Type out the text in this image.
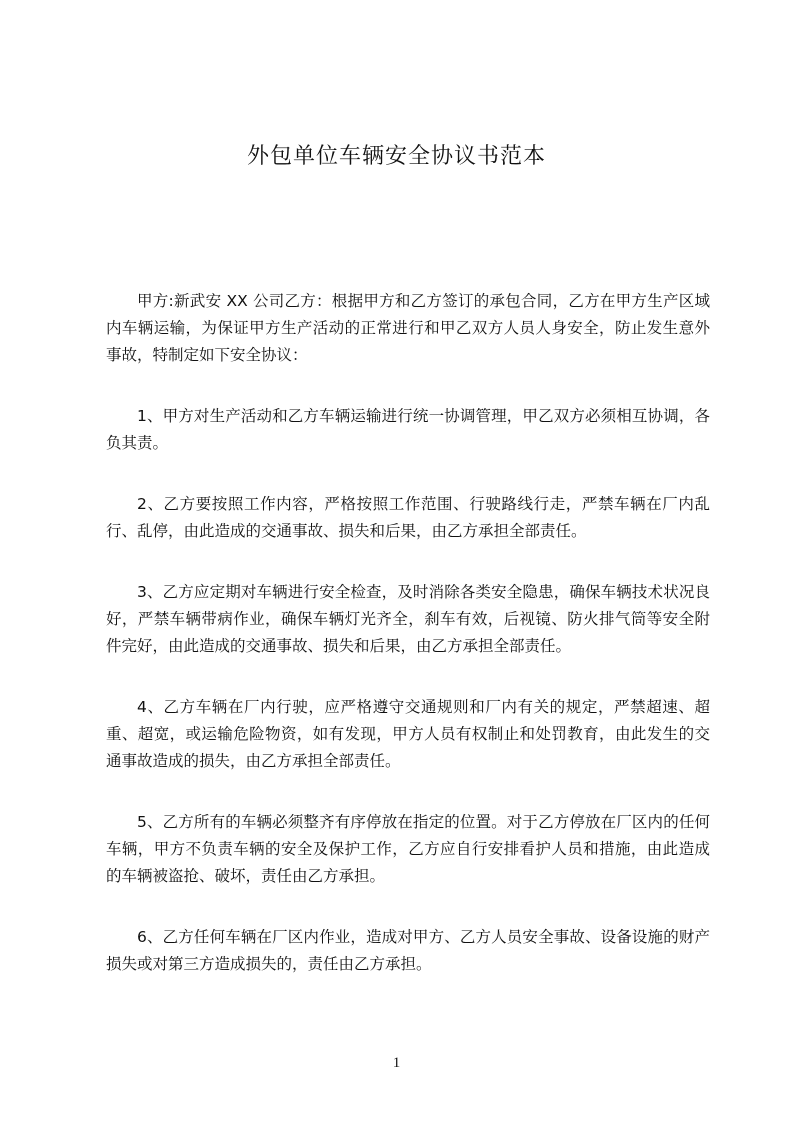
外包单位车辆安全协议书范本

甲方:新武安 XX 公司乙方：根据甲方和乙方签订的承包合同，乙方在甲方生产区域内车辆运输，为保证甲方生产活动的正常进行和甲乙双方人员人身安全，防止发生意外事故，特制定如下安全协议：

1、甲方对生产活动和乙方车辆运输进行统一协调管理，甲乙双方必须相互协调，各负其责。

2、乙方要按照工作内容，严格按照工作范围、行驶路线行走，严禁车辆在厂内乱行、乱停，由此造成的交通事故、损失和后果，由乙方承担全部责任。

3、乙方应定期对车辆进行安全检查，及时消除各类安全隐患，确保车辆技术状况良好，严禁车辆带病作业，确保车辆灯光齐全，刹车有效，后视镜、防火排气筒等安全附件完好，由此造成的交通事故、损失和后果，由乙方承担全部责任。

4、乙方车辆在厂内行驶，应严格遵守交通规则和厂内有关的规定，严禁超速、超重、超宽，或运输危险物资，如有发现，甲方人员有权制止和处罚教育，由此发生的交通事故造成的损失，由乙方承担全部责任。

5、乙方所有的车辆必须整齐有序停放在指定的位置。对于乙方停放在厂区内的任何车辆，甲方不负责车辆的安全及保护工作，乙方应自行安排看护人员和措施，由此造成的车辆被盗抢、破坏，责任由乙方承担。

6、乙方任何车辆在厂区内作业，造成对甲方、乙方人员安全事故、设备设施的财产损失或对第三方造成损失的，责任由乙方承担。

1
